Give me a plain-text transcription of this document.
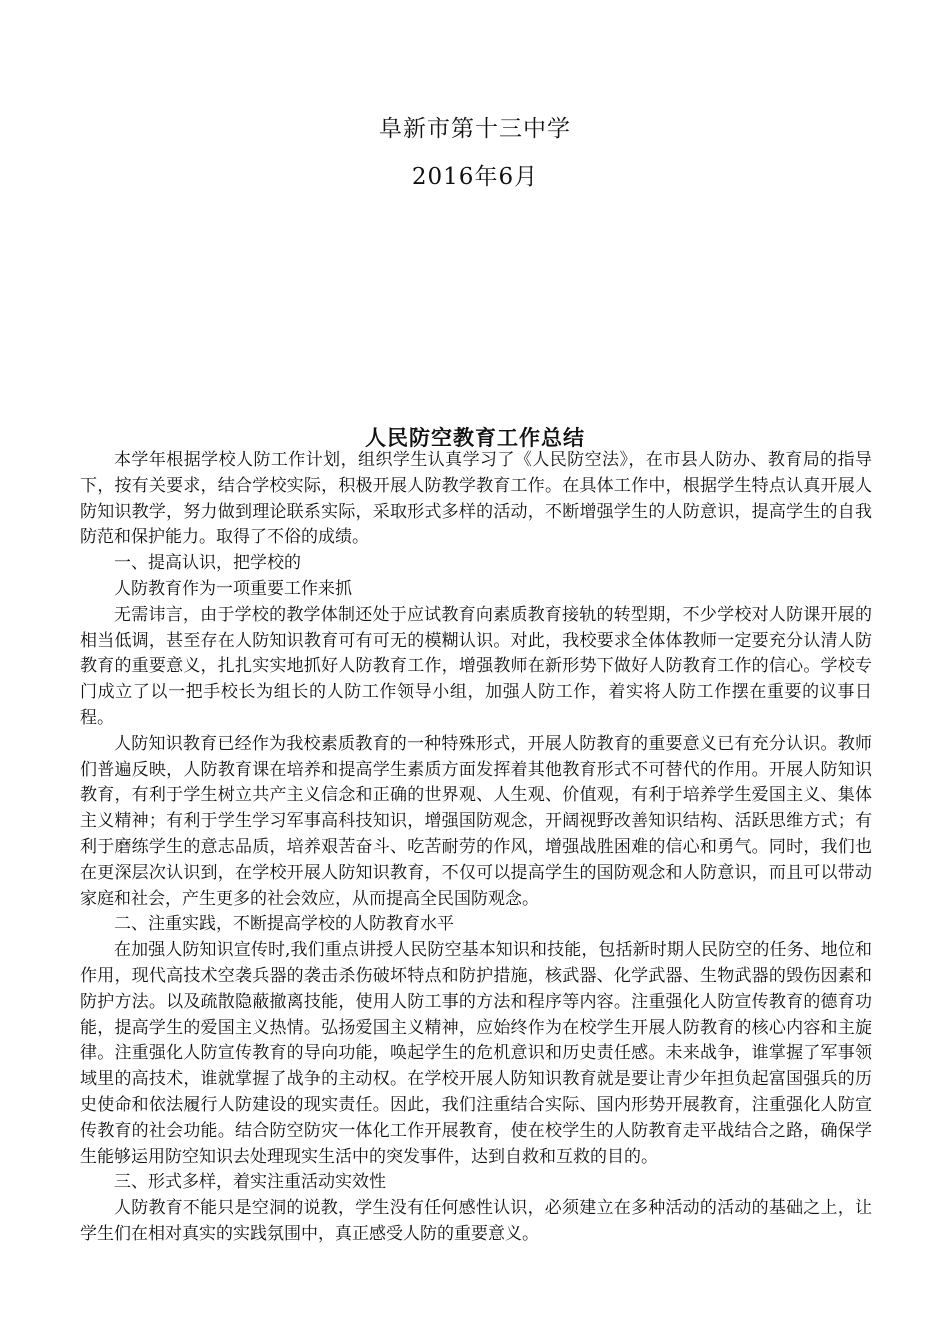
阜新市第十三中学
2016年6月
人民防空教育工作总结

本学年根据学校人防工作计划，组织学生认真学习了《人民防空法》，在市县人防办、教育局的指导下，按有关要求，结合学校实际，积极开展人防教学教育工作。在具体工作中，根据学生特点认真开展人防知识教学，努力做到理论联系实际，采取形式多样的活动，不断增强学生的人防意识，提高学生的自我防范和保护能力。取得了不俗的成绩。

一、提高认识，把学校的

人防教育作为一项重要工作来抓

无需讳言，由于学校的教学体制还处于应试教育向素质教育接轨的转型期，不少学校对人防课开展的相当低调，甚至存在人防知识教育可有可无的模糊认识。对此，我校要求全体体教师一定要充分认清人防教育的重要意义，扎扎实实地抓好人防教育工作，增强教师在新形势下做好人防教育工作的信心。学校专门成立了以一把手校长为组长的人防工作领导小组，加强人防工作，着实将人防工作摆在重要的议事日程。

人防知识教育已经作为我校素质教育的一种特殊形式，开展人防教育的重要意义已有充分认识。教师们普遍反映，人防教育课在培养和提高学生素质方面发挥着其他教育形式不可替代的作用。开展人防知识教育，有利于学生树立共产主义信念和正确的世界观、人生观、价值观，有利于培养学生爱国主义、集体主义精神；有利于学生学习军事高科技知识，增强国防观念，开阔视野改善知识结构、活跃思维方式；有利于磨练学生的意志品质，培养艰苦奋斗、吃苦耐劳的作风，增强战胜困难的信心和勇气。同时，我们也在更深层次认识到，在学校开展人防知识教育，不仅可以提高学生的国防观念和人防意识，而且可以带动家庭和社会，产生更多的社会效应，从而提高全民国防观念。

二、注重实践，不断提高学校的人防教育水平

在加强人防知识宣传时,我们重点讲授人民防空基本知识和技能，包括新时期人民防空的任务、地位和作用，现代高技术空袭兵器的袭击杀伤破坏特点和防护措施，核武器、化学武器、生物武器的毁伤因素和防护方法。以及疏散隐蔽撤离技能，使用人防工事的方法和程序等内容。注重强化人防宣传教育的德育功能，提高学生的爱国主义热情。弘扬爱国主义精神，应始终作为在校学生开展人防教育的核心内容和主旋律。注重强化人防宣传教育的导向功能，唤起学生的危机意识和历史责任感。未来战争，谁掌握了军事领域里的高技术，谁就掌握了战争的主动权。在学校开展人防知识教育就是要让青少年担负起富国强兵的历史使命和依法履行人防建设的现实责任。因此，我们注重结合实际、国内形势开展教育，注重强化人防宣传教育的社会功能。结合防空防灾一体化工作开展教育，使在校学生的人防教育走平战结合之路，确保学生能够运用防空知识去处理现实生活中的突发事件，达到自救和互救的目的。

三、形式多样，着实注重活动实效性

人防教育不能只是空洞的说教，学生没有任何感性认识，必须建立在多种活动的活动的基础之上，让学生们在相对真实的实践氛围中，真正感受人防的重要意义。
